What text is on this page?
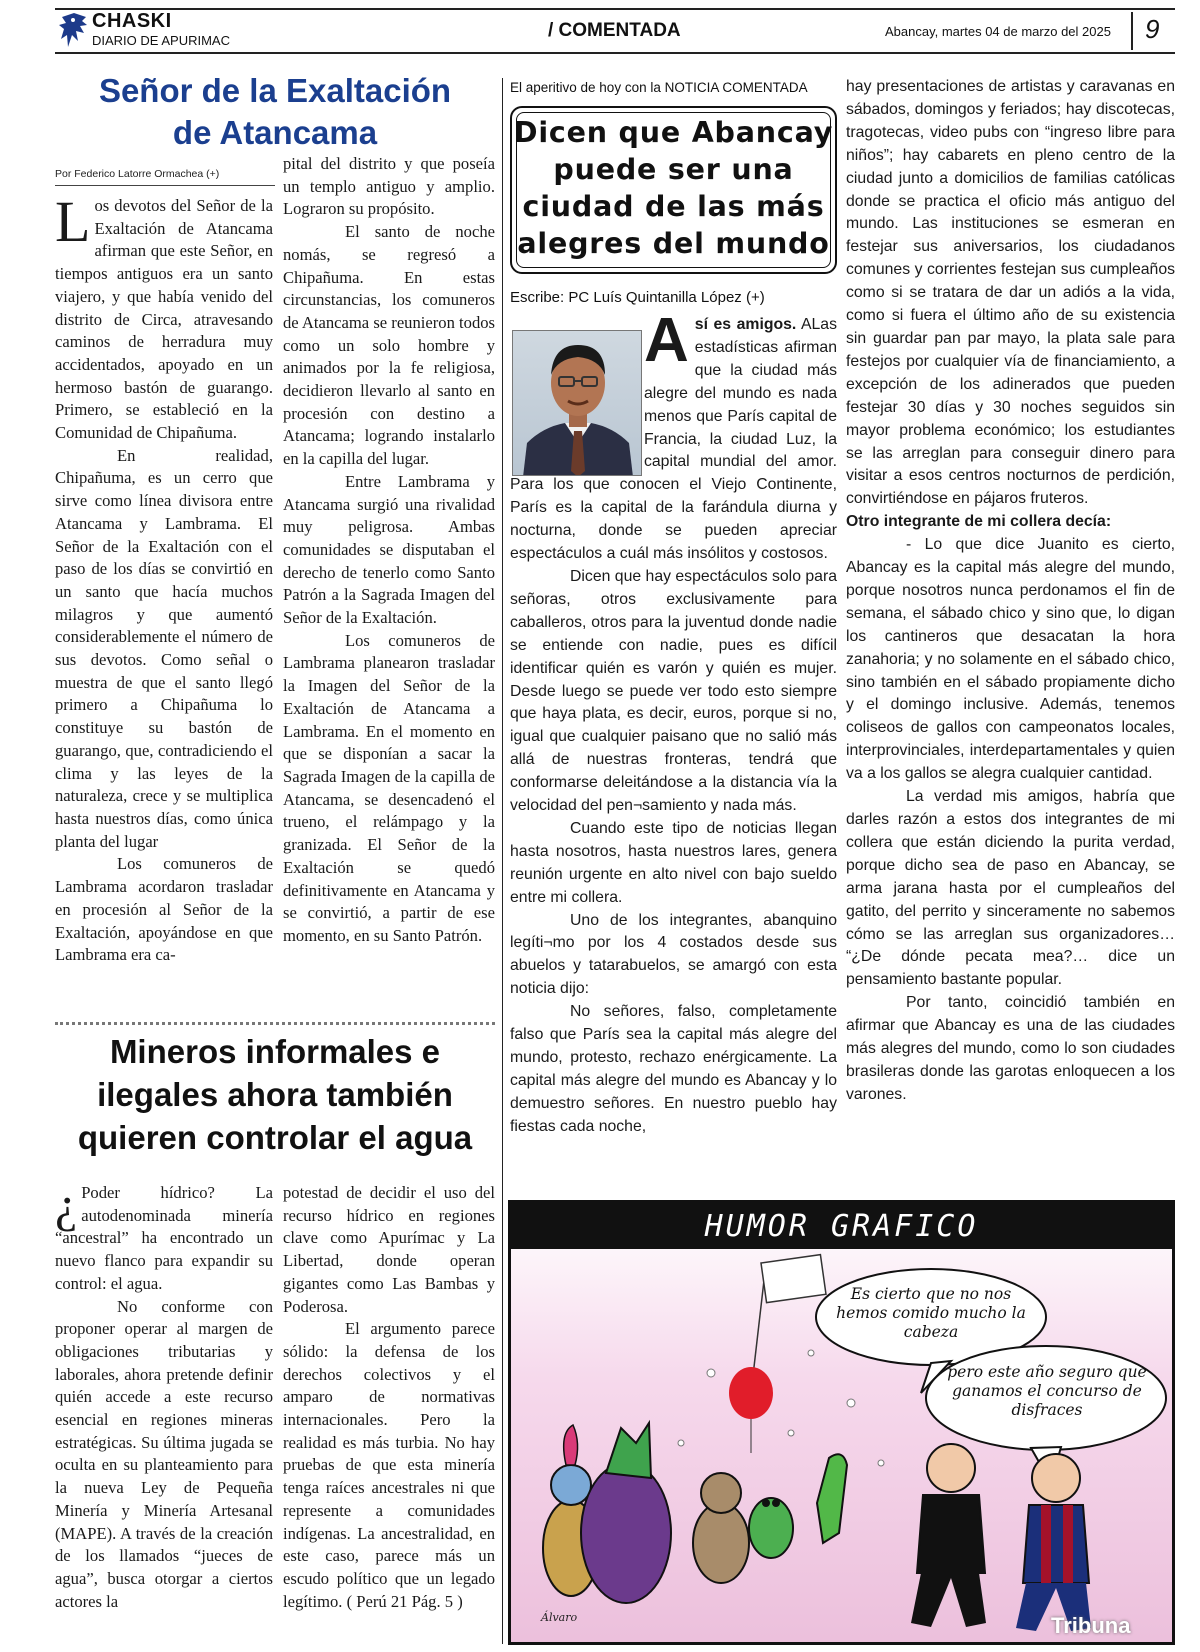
CHASKI
DIARIO DE APURIMAC	/ COMENTADA	Abancay, martes 04 de marzo del 2025 9
Señor de la Exaltación
de Atancama
Por Federico Latorre Ormachea (+)

Los devotos del Señor de la Exaltación de Atancama afirman que este Señor, en tiempos antiguos era un santo viajero, y que había venido del distrito de Circa, atravesando caminos de herradura muy accidentados, apoyado en un hermoso bastón de guarango. Primero, se estableció en la Comunidad de Chipañuma.

En realidad, Chipañuma, es un cerro que sirve como línea divisora entre Atancama y Lambrama. El Señor de la Exaltación con el paso de los días se convirtió en un santo que hacía muchos milagros y que aumentó considerablemente el número de sus devotos. Como señal o muestra de que el santo llegó primero a Chipañuma lo constituye su bastón de guarango, que, contradiciendo el clima y las leyes de la naturaleza, crece y se multiplica hasta nuestros días, como única planta del lugar

Los comuneros de Lambrama acordaron trasladar en procesión al Señor de la Exaltación, apoyándose en que Lambrama era ca-

pital del distrito y que poseía un templo antiguo y amplio. Lograron su propósito.

El santo de noche nomás, se regresó a Chipañuma. En estas circunstancias, los comuneros de Atancama se reunieron todos como un solo hombre y animados por la fe religiosa, decidieron llevarlo al santo en procesión con destino a Atancama; logrando instalarlo en la capilla del lugar.

Entre Lambrama y Atancama surgió una rivalidad muy peligrosa. Ambas comunidades se disputaban el derecho de tenerlo como Santo Patrón a la Sagrada Imagen del Señor de la Exaltación.

Los comuneros de Lambrama planearon trasladar la Imagen del Señor de la Exaltación de Atancama a Lambrama. En el momento en que se disponían a sacar la Sagrada Imagen de la capilla de Atancama, se desencadenó el trueno, el relámpago y la granizada. El Señor de la Exaltación se quedó definitivamente en Atancama y se convirtió, a partir de ese momento, en su Santo Patrón.

Mineros informales e
ilegales ahora también
quieren controlar el agua

¿ Poder hídrico? La autodenominada minería “ancestral” ha encontrado un nuevo flanco para expandir su control: el agua.

No conforme con proponer operar al margen de obligaciones tributarias y laborales, ahora pretende definir quién accede a este recurso esencial en regiones mineras estratégicas. Su última jugada se oculta en su planteamiento para la nueva Ley de Pequeña Minería y Minería Artesanal (MAPE). A través de la creación de los llamados “jueces de agua”, busca otorgar a ciertos actores la

potestad de decidir el uso del recurso hídrico en regiones clave como Apurímac y La Libertad, donde operan gigantes como Las Bambas y Poderosa.

El argumento parece sólido: la defensa de los derechos colectivos y el amparo de normativas internacionales. Pero la realidad es más turbia. No hay pruebas de que esta minería tenga raíces ancestrales ni que represente a comunidades indígenas. La ancestralidad, en este caso, parece más un escudo político que un legado legítimo. ( Perú 21 Pág. 5 )

El aperitivo de hoy con la NOTICIA COMENTADA
Dicen que Abancay
puede ser una
ciudad de las más
alegres del mundo
Escribe: PC Luís Quintanilla López (+)

Así es amigos. ALas estadísticas afirman que la ciudad más alegre del mundo es nada menos que París capital de Francia, la ciudad Luz, la capital mundial del amor. Para los que conocen el Viejo Continente, París es la capital de la farándula diurna y nocturna, donde se pueden apreciar espectáculos a cuál más insólitos y costosos.

Dicen que hay espectáculos solo para señoras, otros exclusivamente para caballeros, otros para la juventud donde nadie se entiende con nadie, pues es difícil identificar quién es varón y quién es mujer. Desde luego se puede ver todo esto siempre que haya plata, es decir, euros, porque si no, igual que cualquier paisano que no salió más allá de nuestras fronteras, tendrá que conformarse deleitándose a la distancia vía la velocidad del pen¬samiento y nada más.

Cuando este tipo de noticias llegan hasta nosotros, hasta nuestros lares, genera reunión urgente en alto nivel con bajo sueldo entre mi collera.

Uno de los integrantes, abanquino legíti¬mo por los 4 costados desde sus abuelos y tatarabuelos, se amargó con esta noticia dijo:

No señores, falso, completamente falso que París sea la capital más alegre del mundo, protesto, rechazo enérgicamente. La capital más alegre del mundo es Abancay y lo demuestro señores. En nuestro pueblo hay fiestas cada noche,

hay presentaciones de artistas y caravanas en sábados, domingos y feriados; hay discotecas, tragotecas, video pubs con “ingreso libre para niños”; hay cabarets en pleno centro de la ciudad junto a domicilios de familias católicas donde se practica el oficio más antiguo del mundo. Las instituciones se esmeran en festejar sus aniversarios, los ciudadanos comunes y corrientes festejan sus cumpleaños como si se tratara de dar un adiós a la vida, como si fuera el último año de su existencia sin guardar pan par mayo, la plata sale para festejos por cualquier vía de financiamiento, a excepción de los adinerados que pueden festejar 30 días y 30 noches seguidos sin mayor problema económico; los estudiantes se las arreglan para conseguir dinero para visitar a esos centros nocturnos de perdición, convirtiéndose en pájaros fruteros.

Otro integrante de mi collera decía:

- Lo que dice Juanito es cierto, Abancay es la capital más alegre del mundo, porque nosotros nunca perdonamos el fin de semana, el sábado chico y sino que, lo digan los cantineros que desacatan la hora zanahoria; y no solamente en el sábado chico, sino también en el sábado propiamente dicho y el domingo inclusive. Además, tenemos coliseos de gallos con campeonatos locales, interprovinciales, interdepartamentales y quien va a los gallos se alegra cualquier cantidad.

La verdad mis amigos, habría que darles razón a estos dos integrantes de mi collera que están diciendo la purita verdad, porque dicho sea de paso en Abancay, se arma jarana hasta por el cumpleaños del gatito, del perrito y sinceramente no sabemos cómo se las arreglan sus organizadores… “¿De dónde pecata mea?… dice un pensamiento bastante popular.

Por tanto, coincidió también en afirmar que Abancay es una de las ciudades más alegres del mundo, como lo son ciudades brasileras donde las garotas enloquecen a los varones.

HUMOR GRAFICO
Es cierto que no nos hemos comido mucho la cabeza
pero este año seguro que ganamos el concurso de disfraces
Álvaro	Tribuna
